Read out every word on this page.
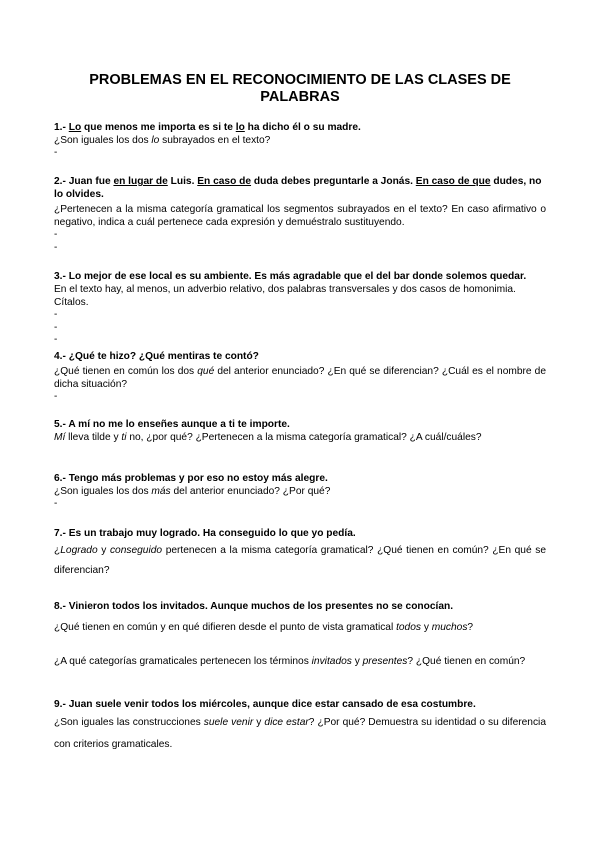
PROBLEMAS EN EL RECONOCIMIENTO DE LAS CLASES DE PALABRAS
1.- Lo que menos me importa es si te lo ha dicho él o su madre.
¿Son iguales los dos lo subrayados en el texto?
-
2.- Juan fue en lugar de Luis. En caso de duda debes preguntarle a Jonás. En caso de que dudes, no lo olvides.
¿Pertenecen a la misma categoría gramatical los segmentos subrayados en el texto? En caso afirmativo o negativo, indica a cuál pertenece cada expresión y demuéstralo sustituyendo.
-
-
3.- Lo mejor de ese local es su ambiente. Es más agradable que el del bar donde solemos quedar.
En el texto hay, al menos, un adverbio relativo, dos palabras transversales y dos casos de homonimia. Cítalos.
-
-
-
4.- ¿Qué te hizo? ¿Qué mentiras te contó?
¿Qué tienen en común los dos qué del anterior enunciado? ¿En qué se diferencian? ¿Cuál es el nombre de dicha situación?
-
5.- A mí no me lo enseñes aunque a ti te importe.
Mí lleva tilde y ti no, ¿por qué? ¿Pertenecen a la misma categoría gramatical? ¿A cuál/cuáles?
6.- Tengo más problemas y por eso no estoy más alegre.
¿Son iguales los dos más del anterior enunciado? ¿Por qué?
-
7.- Es un trabajo muy logrado. Ha conseguido lo que yo pedía.
¿Logrado y conseguido pertenecen a la misma categoría gramatical? ¿Qué tienen en común? ¿En qué se diferencian?
8.- Vinieron todos los invitados. Aunque muchos de los presentes no se conocían.
¿Qué tienen en común y en qué difieren desde el punto de vista gramatical todos y muchos?
¿A qué categorías gramaticales pertenecen los términos invitados y presentes? ¿Qué tienen en común?
9.- Juan suele venir todos los miércoles, aunque dice estar cansado de esa costumbre.
¿Son iguales las construcciones suele venir y dice estar? ¿Por qué? Demuestra su identidad o su diferencia con criterios gramaticales.
